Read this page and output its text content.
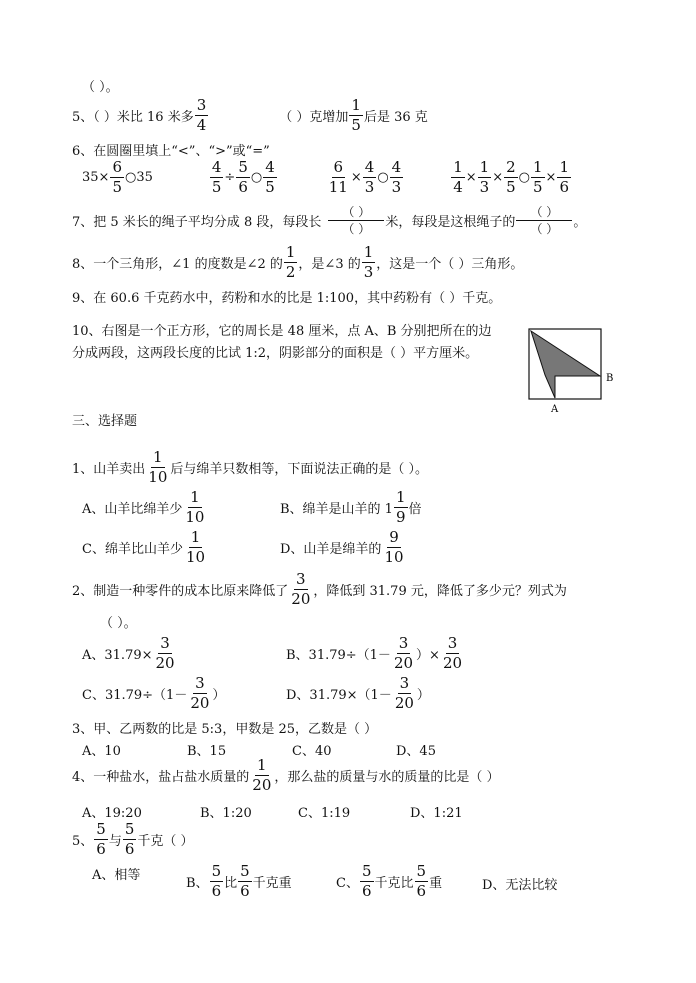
（ ）。
5、（ ）米比 16 米多 $\frac{3}{4}$	（ ）克增加 $\frac{1}{5}$ 后是 36 克
6、在圆圈里填上“<”、“>”或“=”
$35\times \frac{6}{5}$ ○35	$\frac{4}{5} \div \frac{5}{6}$ ○ $\frac{4}{5}$	$\frac{6}{11} \times \frac{4}{3}$ ○ $\frac{4}{3}$	$\frac{1}{4} \times \frac{1}{3} \times \frac{2}{5}$ ○ $\frac{1}{5} \times \frac{1}{6}$
7、把 5 米长的绳子平均分成 8 段，每段长 $\frac{( )}{( )}$ 米，每段是这根绳子的 $\frac{( )}{( )}$ 。
8、一个三角形，∠1 的度数是∠2 的 $\frac{1}{2}$ ，是∠3 的 $\frac{1}{3}$ ，这是一个（ ）三角形。
9、在 60.6 千克药水中，药粉和水的比是 1:100，其中药粉有（ ）千克。
10、右图是一个正方形，它的周长是 48 厘米，点 A、B 分别把所在的边分成两段，这两段长度的比试 1:2，阴影部分的面积是（ ）平方厘米。
A
B
三、选择题
1、山羊卖出 $\frac{1}{10}$ 后与绵羊只数相等，下面说法正确的是（ ）。
A、山羊比绵羊少 $\frac{1}{10}$	B、绵羊是山羊的 $1 \frac{1}{9}$ 倍
C、绵羊比山羊少 $\frac{1}{10}$	D、山羊是绵羊的 $\frac{9}{10}$
2、制造一种零件的成本比原来降低了 $\frac{3}{20}$ ，降低到 31.79 元，降低了多少元？列式为
（ ）。
A、$31.79\times \frac{3}{20}$	B、$31.79\div(1- \frac{3}{20}$ ）× $\frac{3}{20}$
C、$31.79\div(1- \frac{3}{20}$ ）	D、$31.79\times(1- \frac{3}{20}$ ）
3、甲、乙两数的比是 5:3，甲数是 25，乙数是（ ）
A、10	B、15	C、40	D、45
4、一种盐水，盐占盐水质量的 $\frac{1}{20}$ ，那么盐的质量与水的质量的比是（ ）
A、19:20	B、1:20	C、1:19	D、1:21
5、 $\frac{5}{6}$ 与 $\frac{5}{6}$ 千克（ ）
A、相等
B、 $\frac{5}{6}$ 比 $\frac{5}{6}$ 千克重	C、 $\frac{5}{6}$ 千克比 $\frac{5}{6}$ 重	D、无法比较
